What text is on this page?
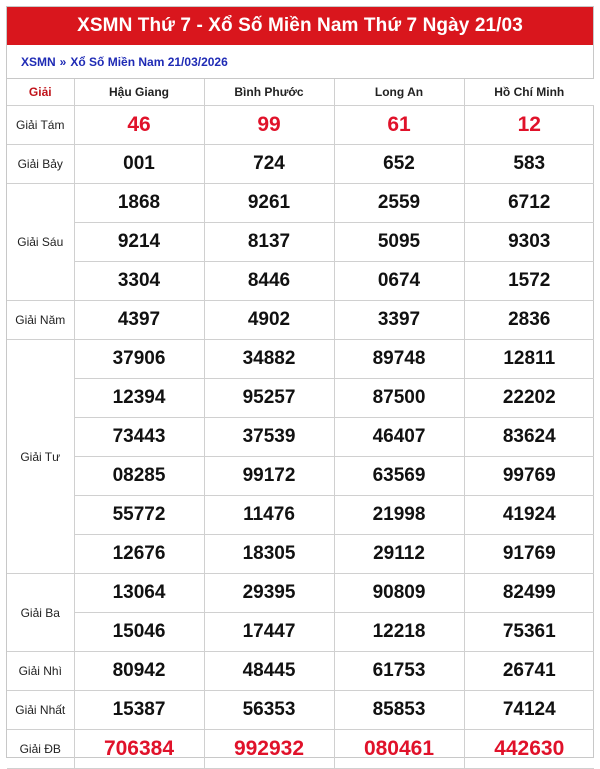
XSMN Thứ 7 - Xổ Số Miền Nam Thứ 7 Ngày 21/03
XSMN » Xổ Số Miền Nam 21/03/2026
Giải	Hậu Giang	Bình Phước	Long An	Hồ Chí Minh
Giải Tám	46	99	61	12

Giải Bảy	001	724	652	583

Giải Sáu	1868	9261	2559	6712

	9214	8137	5095	9303

	3304	8446	0674	1572

Giải Năm	4397	4902	3397	2836

Giải Tư	37906	34882	89748	12811

	12394	95257	87500	22202

	73443	37539	46407	83624

	08285	99172	63569	99769

	55772	11476	21998	41924

	12676	18305	29112	91769

Giải Ba	13064	29395	90809	82499

	15046	17447	12218	75361

Giải Nhì	80942	48445	61753	26741

Giải Nhất	15387	56353	85853	74124

Giải ĐB	706384	992932	080461	442630
